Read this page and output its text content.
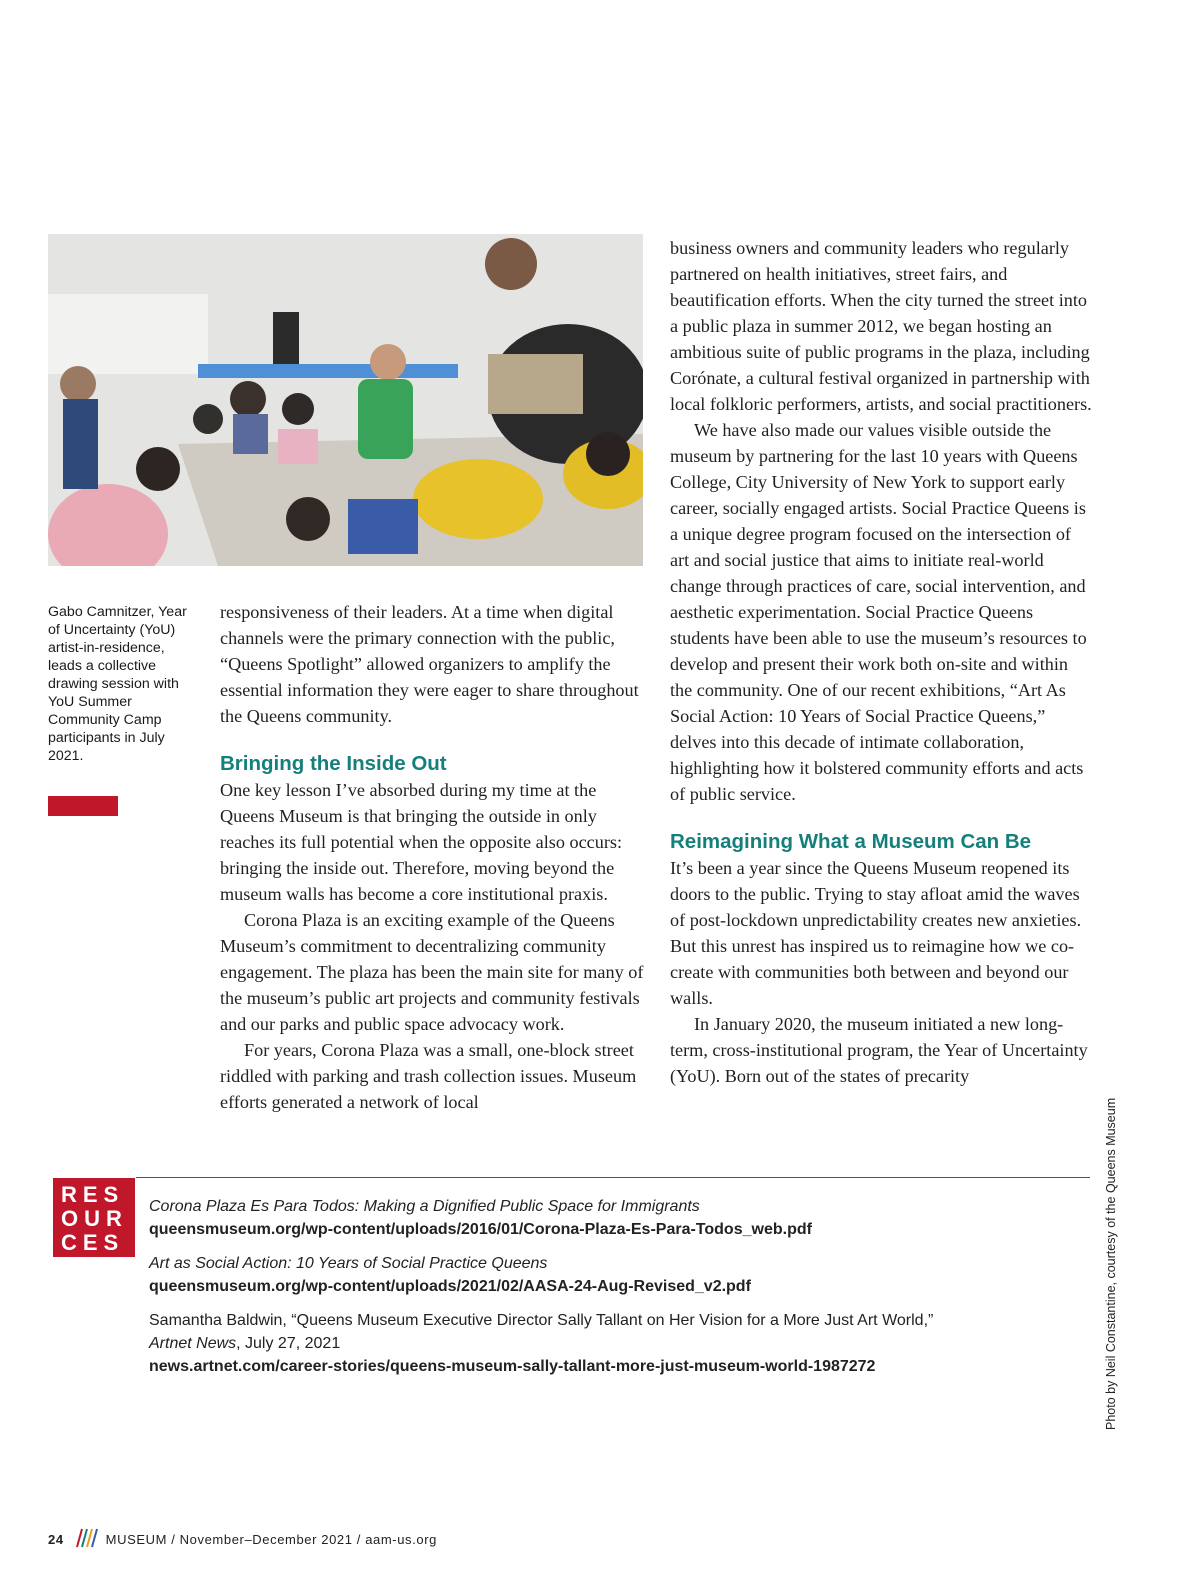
Gabo Camnitzer, Year of Uncertainty (YoU) artist-in-residence, leads a collective drawing session with YoU Summer Community Camp participants in July 2021.

responsiveness of their leaders. At a time when digital channels were the primary connection with the public, “Queens Spotlight” allowed organizers to amplify the essential information they were eager to share throughout the Queens community.

Bringing the Inside Out

One key lesson I’ve absorbed during my time at the Queens Museum is that bringing the outside in only reaches its full potential when the opposite also occurs: bringing the inside out. Therefore, moving beyond the museum walls has become a core institutional praxis.

Corona Plaza is an exciting example of the Queens Museum’s commitment to decentralizing community engagement. The plaza has been the main site for many of the museum’s public art projects and community festivals and our parks and public space advocacy work.

For years, Corona Plaza was a small, one-block street riddled with parking and trash collection issues. Museum efforts generated a network of local

business owners and community leaders who regularly partnered on health initiatives, street fairs, and beautification efforts. When the city turned the street into a public plaza in summer 2012, we began hosting an ambitious suite of public programs in the plaza, including Corónate, a cultural festival organized in partnership with local folkloric performers, artists, and social practitioners.

We have also made our values visible outside the museum by partnering for the last 10 years with Queens College, City University of New York to support early career, socially engaged artists. Social Practice Queens is a unique degree program focused on the intersection of art and social justice that aims to initiate real-world change through practices of care, social intervention, and aesthetic experimentation. Social Practice Queens students have been able to use the museum’s resources to develop and present their work both on-site and within the community. One of our recent exhibitions, “Art As Social Action: 10 Years of Social Practice Queens,” delves into this decade of intimate collaboration, highlighting how it bolstered community efforts and acts of public service.

Reimagining What a Museum Can Be

It’s been a year since the Queens Museum reopened its doors to the public. Trying to stay afloat amid the waves of post-lockdown unpredictability creates new anxieties. But this unrest has inspired us to reimagine how we co-create with communities both between and beyond our walls.

In January 2020, the museum initiated a new long-term, cross-institutional program, the Year of Uncertainty (YoU). Born out of the states of precarity

RES
OUR
CES
Corona Plaza Es Para Todos: Making a Dignified Public Space for Immigrants
queensmuseum.org/wp-content/uploads/2016/01/Corona-Plaza-Es-Para-Todos_web.pdf
Art as Social Action: 10 Years of Social Practice Queens
queensmuseum.org/wp-content/uploads/2021/02/AASA-24-Aug-Revised_v2.pdf
Samantha Baldwin, “Queens Museum Executive Director Sally Tallant on Her Vision for a More Just Art World,”
Artnet News, July 27, 2021
news.artnet.com/career-stories/queens-museum-sally-tallant-more-just-museum-world-1987272	Photo by Neil Constantine, courtesy of the Queens Museum
24	MUSEUM / November–December 2021 / aam-us.org
